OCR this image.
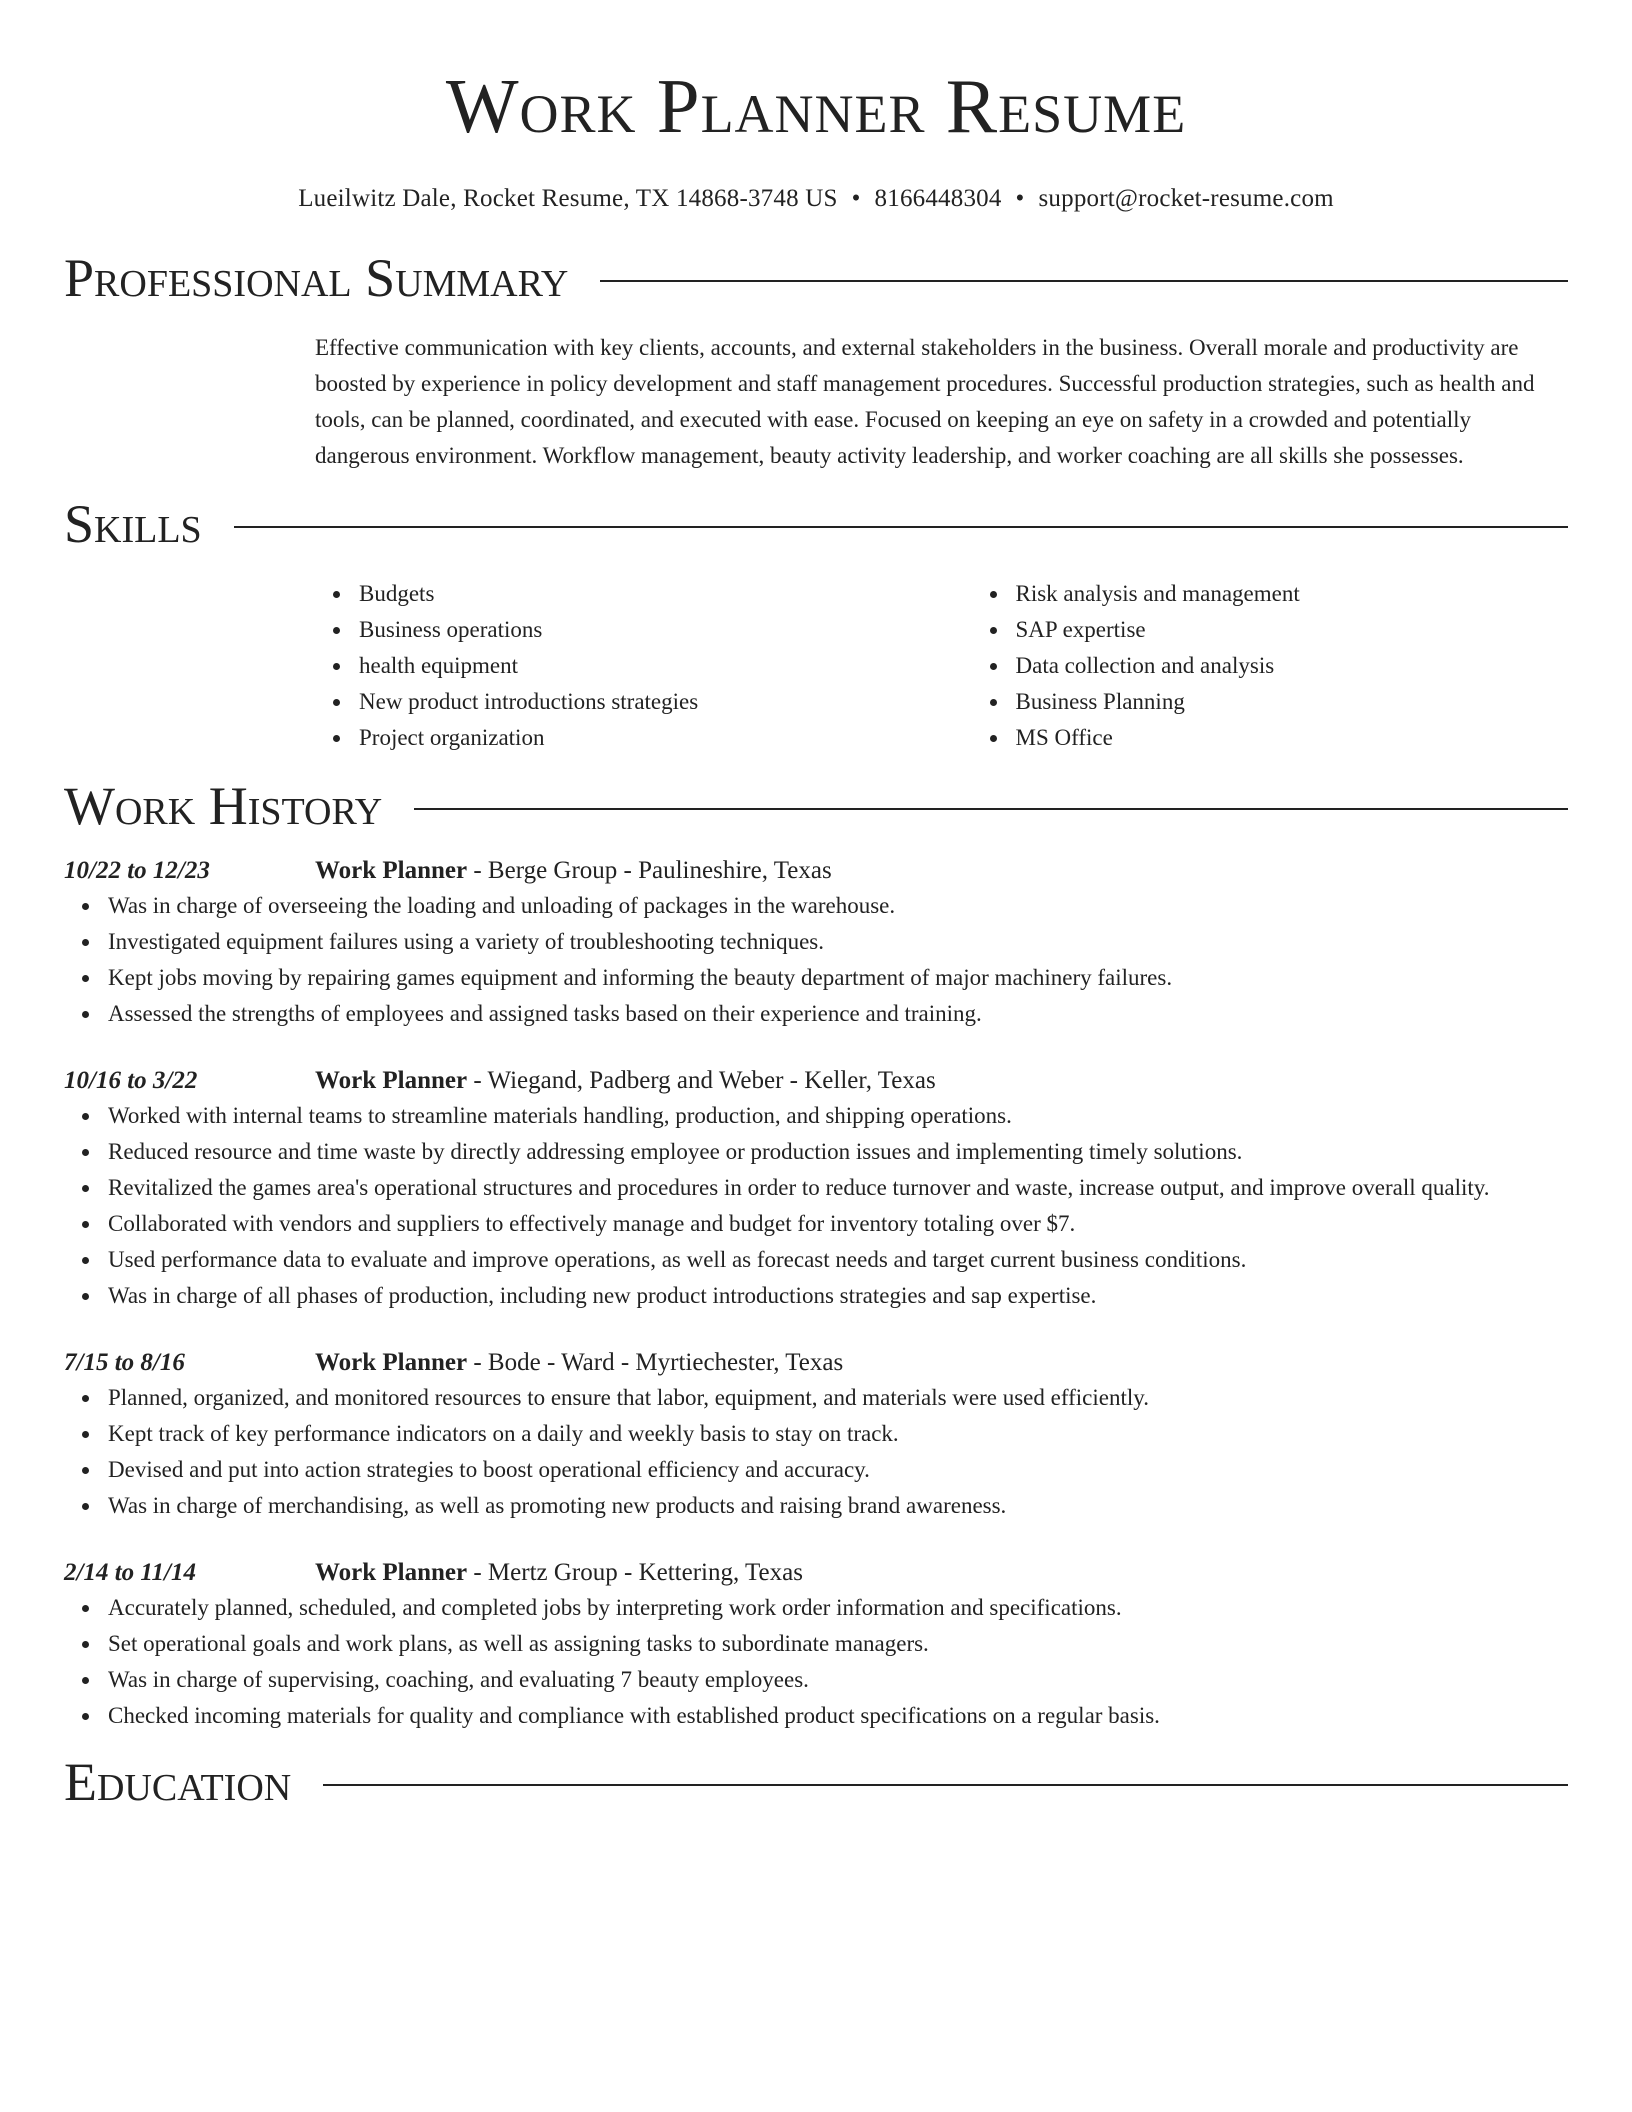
Work Planner Resume
Lueilwitz Dale, Rocket Resume, TX 14868-3748 US • 8166448304 • support@rocket-resume.com
Professional Summary

Effective communication with key clients, accounts, and external stakeholders in the business. Overall morale and productivity are boosted by experience in policy development and staff management procedures. Successful production strategies, such as health and tools, can be planned, coordinated, and executed with ease. Focused on keeping an eye on safety in a crowded and potentially dangerous environment. Workflow management, beauty activity leadership, and worker coaching are all skills she possesses.

Skills
Budgets
Business operations
health equipment
New product introductions strategies
Project organization
Risk analysis and management
SAP expertise
Data collection and analysis
Business Planning
MS Office
Work History
10/22 to 12/23	Work Planner - Berge Group - Paulineshire, Texas
Was in charge of overseeing the loading and unloading of packages in the warehouse.
Investigated equipment failures using a variety of troubleshooting techniques.
Kept jobs moving by repairing games equipment and informing the beauty department of major machinery failures.
Assessed the strengths of employees and assigned tasks based on their experience and training.
10/16 to 3/22	Work Planner - Wiegand, Padberg and Weber - Keller, Texas
Worked with internal teams to streamline materials handling, production, and shipping operations.
Reduced resource and time waste by directly addressing employee or production issues and implementing timely solutions.
Revitalized the games area's operational structures and procedures in order to reduce turnover and waste, increase output, and improve overall quality.
Collaborated with vendors and suppliers to effectively manage and budget for inventory totaling over $7.
Used performance data to evaluate and improve operations, as well as forecast needs and target current business conditions.
Was in charge of all phases of production, including new product introductions strategies and sap expertise.
7/15 to 8/16	Work Planner - Bode - Ward - Myrtiechester, Texas
Planned, organized, and monitored resources to ensure that labor, equipment, and materials were used efficiently.
Kept track of key performance indicators on a daily and weekly basis to stay on track.
Devised and put into action strategies to boost operational efficiency and accuracy.
Was in charge of merchandising, as well as promoting new products and raising brand awareness.
2/14 to 11/14	Work Planner - Mertz Group - Kettering, Texas
Accurately planned, scheduled, and completed jobs by interpreting work order information and specifications.
Set operational goals and work plans, as well as assigning tasks to subordinate managers.
Was in charge of supervising, coaching, and evaluating 7 beauty employees.
Checked incoming materials for quality and compliance with established product specifications on a regular basis.
Education
